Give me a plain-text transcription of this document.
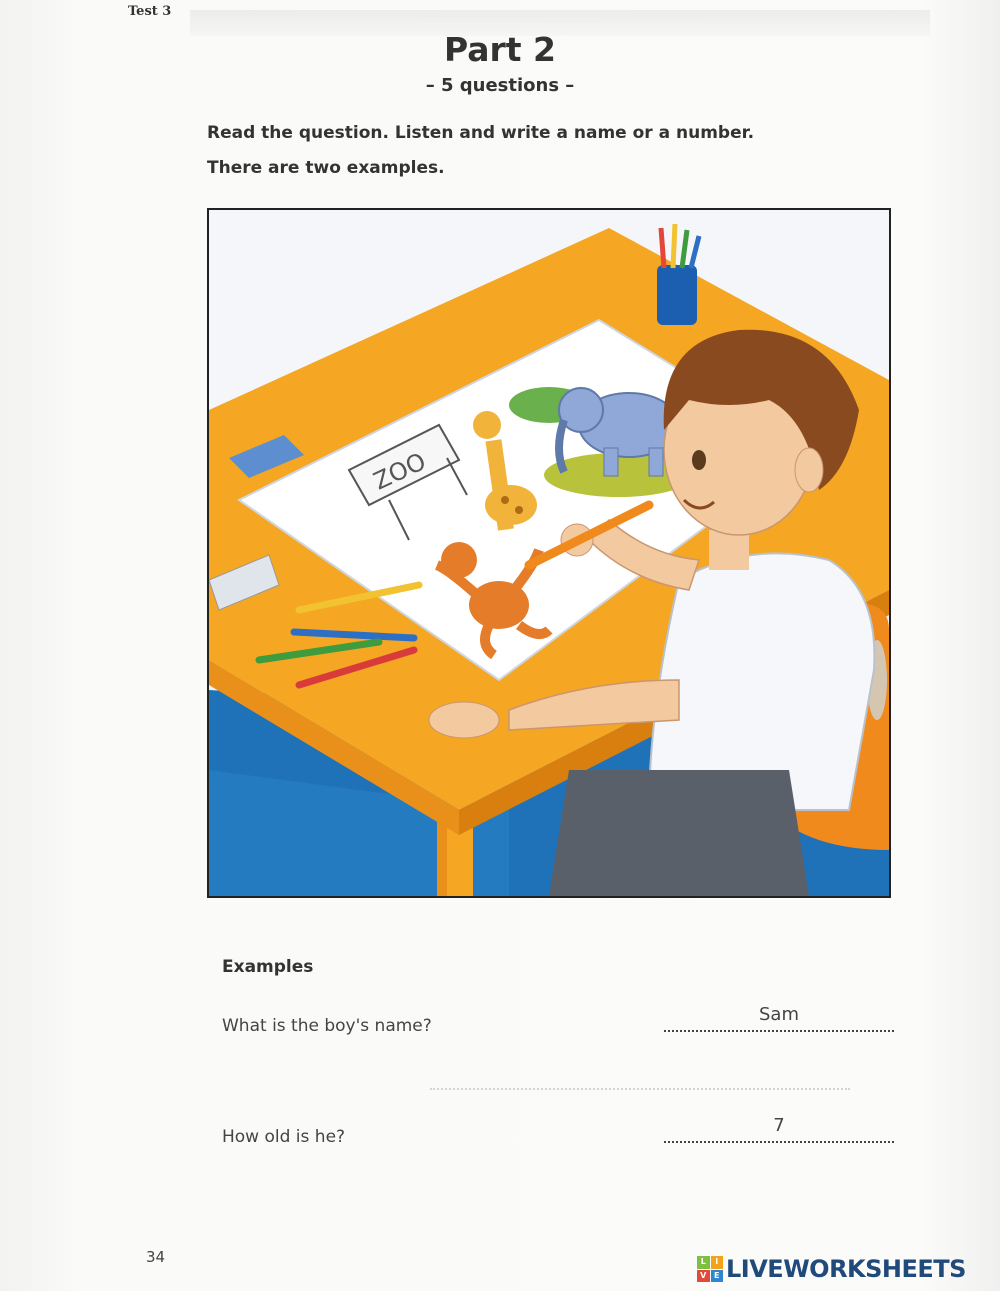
Test 3
Part 2
– 5 questions –
Read the question. Listen and write a name or a number.
There are two examples.
ZOO
Examples
What is the boy's name?
Sam
How old is he?
7
34	L	I
V E LIVEWORKSHEETS
